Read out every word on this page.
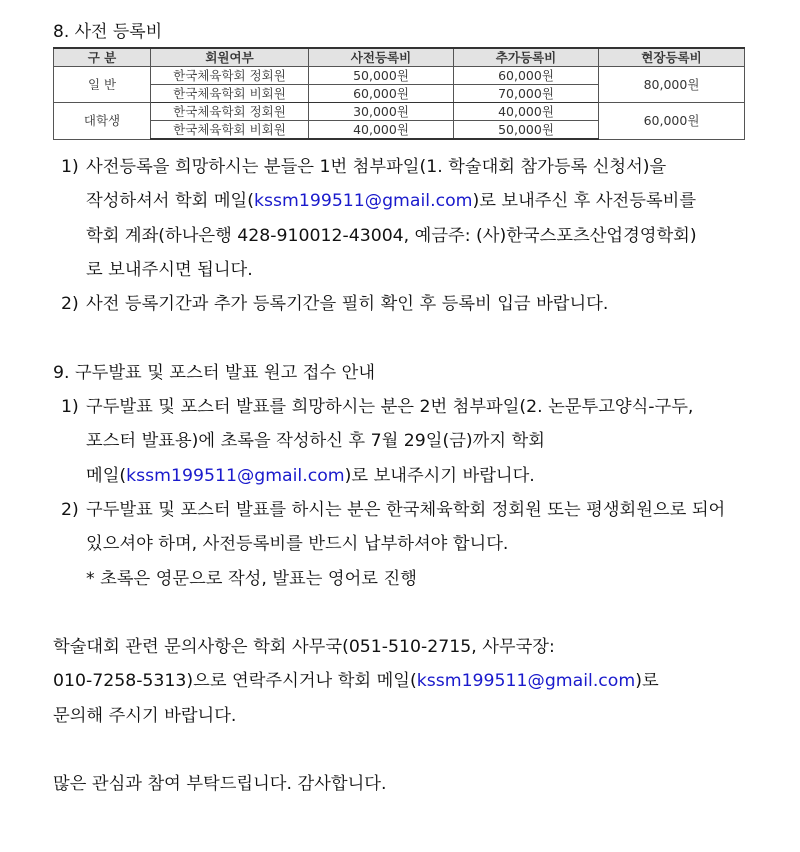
8. 사전 등록비
구 분	회원여부	사전등록비	추가등록비	현장등록비
일 반	한국체육학회 정회원	50,000원	60,000원	80,000원
	한국체육학회 비회원	60,000원	70,000원	
대학생	한국체육학회 정회원	30,000원	40,000원	60,000원
	한국체육학회 비회원	40,000원	50,000원	

1) 사전등록을 희망하시는 분들은 1번 첨부파일(1. 학술대회 참가등록 신청서)을

작성하셔서 학회 메일(kssm199511@gmail.com)로 보내주신 후 사전등록비를

학회 계좌(하나은행 428-910012-43004, 예금주: (사)한국스포츠산업경영학회)

로 보내주시면 됩니다.

2) 사전 등록기간과 추가 등록기간을 필히 확인 후 등록비 입금 바랍니다.

9. 구두발표 및 포스터 발표 원고 접수 안내

1) 구두발표 및 포스터 발표를 희망하시는 분은 2번 첨부파일(2. 논문투고양식-구두,

포스터 발표용)에 초록을 작성하신 후 7월 29일(금)까지 학회

메일(kssm199511@gmail.com)로 보내주시기 바랍니다.

2) 구두발표 및 포스터 발표를 하시는 분은 한국체육학회 정회원 또는 평생회원으로 되어

있으셔야 하며, 사전등록비를 반드시 납부하셔야 합니다.

* 초록은 영문으로 작성, 발표는 영어로 진행

학술대회 관련 문의사항은 학회 사무국(051-510-2715, 사무국장:

010-7258-5313)으로 연락주시거나 학회 메일(kssm199511@gmail.com)로

문의해 주시기 바랍니다.

많은 관심과 참여 부탁드립니다. 감사합니다.
